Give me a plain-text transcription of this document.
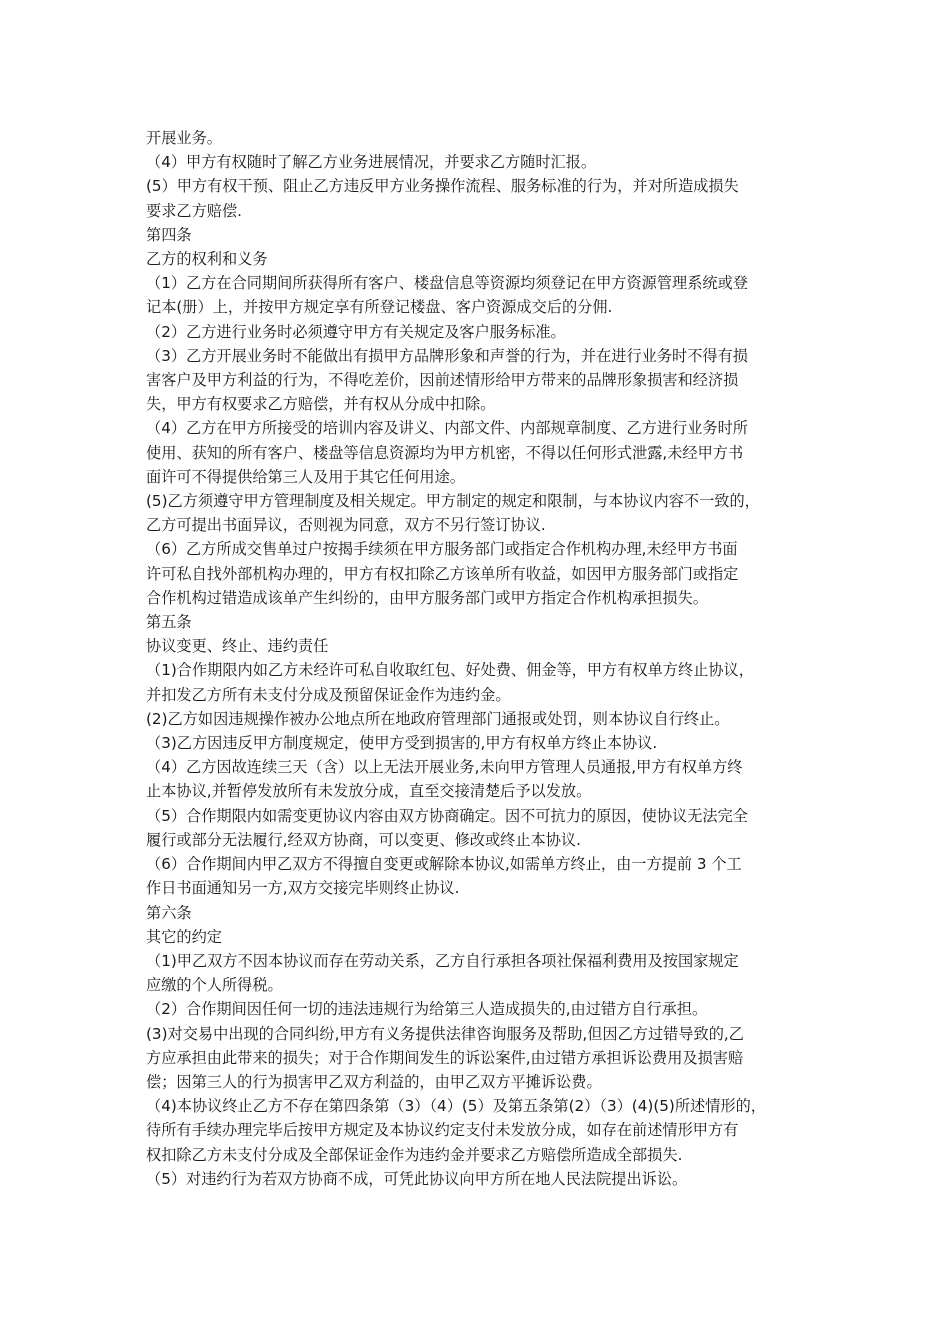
开展业务。

（4）甲方有权随时了解乙方业务进展情况，并要求乙方随时汇报。

(5）甲方有权干预、阻止乙方违反甲方业务操作流程、服务标准的行为，并对所造成损失

要求乙方赔偿.

第四条

乙方的权利和义务

（1）乙方在合同期间所获得所有客户、楼盘信息等资源均须登记在甲方资源管理系统或登

记本(册）上，并按甲方规定享有所登记楼盘、客户资源成交后的分佣.

（2）乙方进行业务时必须遵守甲方有关规定及客户服务标准。

（3）乙方开展业务时不能做出有损甲方品牌形象和声誉的行为，并在进行业务时不得有损

害客户及甲方利益的行为，不得吃差价，因前述情形给甲方带来的品牌形象损害和经济损

失，甲方有权要求乙方赔偿，并有权从分成中扣除。

（4）乙方在甲方所接受的培训内容及讲义、内部文件、内部规章制度、乙方进行业务时所

使用、获知的所有客户、楼盘等信息资源均为甲方机密，不得以任何形式泄露,未经甲方书

面许可不得提供给第三人及用于其它任何用途。

(5)乙方须遵守甲方管理制度及相关规定。甲方制定的规定和限制，与本协议内容不一致的，

乙方可提出书面异议，否则视为同意，双方不另行签订协议.

（6）乙方所成交售单过户按揭手续须在甲方服务部门或指定合作机构办理,未经甲方书面

许可私自找外部机构办理的，甲方有权扣除乙方该单所有收益，如因甲方服务部门或指定

合作机构过错造成该单产生纠纷的，由甲方服务部门或甲方指定合作机构承担损失。

第五条

协议变更、终止、违约责任

（1)合作期限内如乙方未经许可私自收取红包、好处费、佣金等，甲方有权单方终止协议，

并扣发乙方所有未支付分成及预留保证金作为违约金。

(2)乙方如因违规操作被办公地点所在地政府管理部门通报或处罚，则本协议自行终止。

（3)乙方因违反甲方制度规定，使甲方受到损害的,甲方有权单方终止本协议.

（4）乙方因故连续三天（含）以上无法开展业务,未向甲方管理人员通报,甲方有权单方终

止本协议,并暂停发放所有未发放分成，直至交接清楚后予以发放。

（5）合作期限内如需变更协议内容由双方协商确定。因不可抗力的原因，使协议无法完全

履行或部分无法履行,经双方协商，可以变更、修改或终止本协议.

（6）合作期间内甲乙双方不得擅自变更或解除本协议,如需单方终止，由一方提前 3 个工

作日书面通知另一方,双方交接完毕则终止协议.

第六条

其它的约定

（1)甲乙双方不因本协议而存在劳动关系，乙方自行承担各项社保福利费用及按国家规定

应缴的个人所得税。

（2）合作期间因任何一切的违法违规行为给第三人造成损失的,由过错方自行承担。

(3)对交易中出现的合同纠纷,甲方有义务提供法律咨询服务及帮助,但因乙方过错导致的,乙

方应承担由此带来的损失；对于合作期间发生的诉讼案件,由过错方承担诉讼费用及损害赔

偿；因第三人的行为损害甲乙双方利益的，由甲乙双方平摊诉讼费。

（4)本协议终止乙方不存在第四条第（3）（4）(5）及第五条第(2）（3）(4)(5)所述情形的，

待所有手续办理完毕后按甲方规定及本协议约定支付未发放分成，如存在前述情形甲方有

权扣除乙方未支付分成及全部保证金作为违约金并要求乙方赔偿所造成全部损失.

（5）对违约行为若双方协商不成，可凭此协议向甲方所在地人民法院提出诉讼。
